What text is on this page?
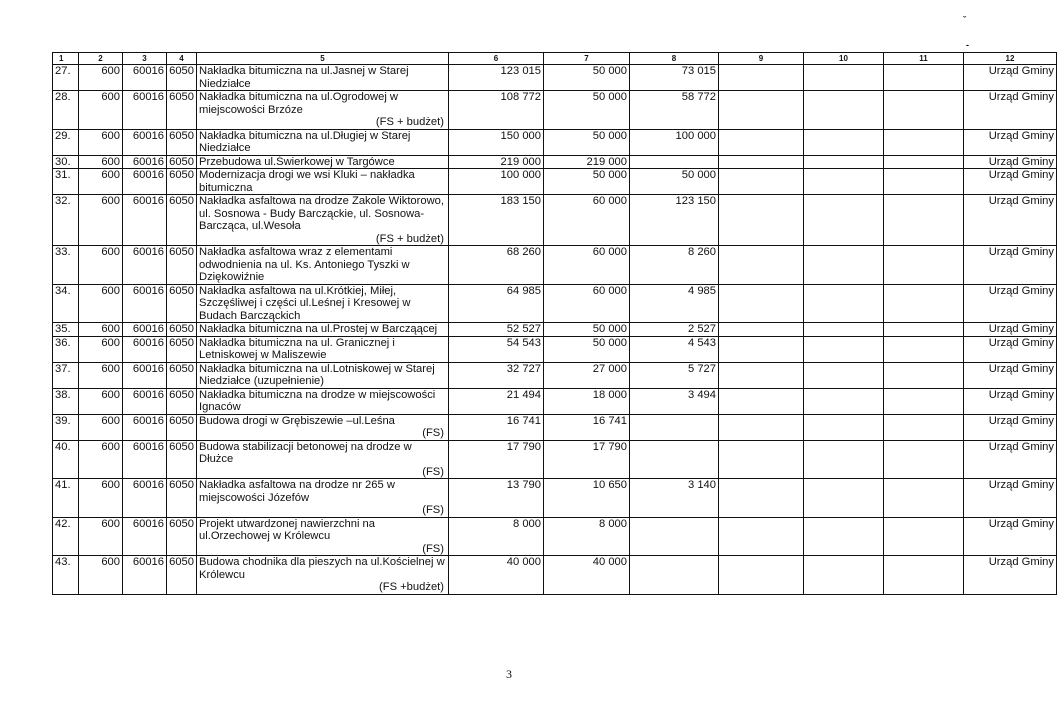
ˇ
-
1	2	3	4	5	6	7	8	9	10	11	12
27.	600	60016	6050	Nakładka bitumiczna na ul.Jasnej w Starej Niedziałce	123 015	50 000	73 015				Urząd Gminy
28.	600	60016	6050	Nakładka bitumiczna na ul.Ogrodowej w miejscowości Brzóze
(FS + budżet)	108 772	50 000	58 772				Urząd Gminy
29.	600	60016	6050	Nakładka bitumiczna na ul.Długiej w Starej Niedziałce	150 000	50 000	100 000				Urząd Gminy
30.	600	60016	6050	Przebudowa ul.Świerkowej w Targówce	219 000	219 000					Urząd Gminy
31.	600	60016	6050	Modernizacja drogi we wsi Kluki – nakładka bitumiczna	100 000	50 000	50 000				Urząd Gminy
32.	600	60016	6050	Nakładka asfaltowa na drodze Zakole Wiktorowo, ul. Sosnowa - Budy Barcząckie, ul. Sosnowa- Barcząca, ul.Wesoła
(FS + budżet)	183 150	60 000	123 150				Urząd Gminy
33.	600	60016	6050	Nakładka asfaltowa wraz z elementami odwodnienia na ul. Ks. Antoniego Tyszki w Dziękowiźnie	68 260	60 000	8 260				Urząd Gminy
34.	600	60016	6050	Nakładka asfaltowa na ul.Krótkiej, Miłej, Szczęśliwej i części ul.Leśnej i Kresowej w Budach Barcząckich	64 985	60 000	4 985				Urząd Gminy
35.	600	60016	6050	Nakładka bitumiczna na ul.Prostej w Barcząącej	52 527	50 000	2 527				Urząd Gminy
36.	600	60016	6050	Nakładka bitumiczna na ul. Granicznej i Letniskowej w Maliszewie	54 543	50 000	4 543				Urząd Gminy
37.	600	60016	6050	Nakładka bitumiczna na ul.Lotniskowej w Starej Niedziałce (uzupełnienie)	32 727	27 000	5 727				Urząd Gminy
38.	600	60016	6050	Nakładka bitumiczna na drodze w miejscowości Ignaców	21 494	18 000	3 494				Urząd Gminy
39.	600	60016	6050	Budowa drogi w Grębiszewie –ul.Leśna
(FS)	16 741	16 741					Urząd Gminy
40.	600	60016	6050	Budowa stabilizacji betonowej na drodze w Dłużce
(FS)	17 790	17 790					Urząd Gminy
41.	600	60016	6050	Nakładka asfaltowa na drodze nr 265 w miejscowości Józefów
(FS)	13 790	10 650	3 140				Urząd Gminy
42.	600	60016	6050	Projekt utwardzonej nawierzchni na ul.Orzechowej w Królewcu
(FS)	8 000	8 000					Urząd Gminy
43.	600	60016	6050	Budowa chodnika dla pieszych na ul.Kościelnej w Królewcu
(FS +budżet)	40 000	40 000					Urząd Gminy
3
